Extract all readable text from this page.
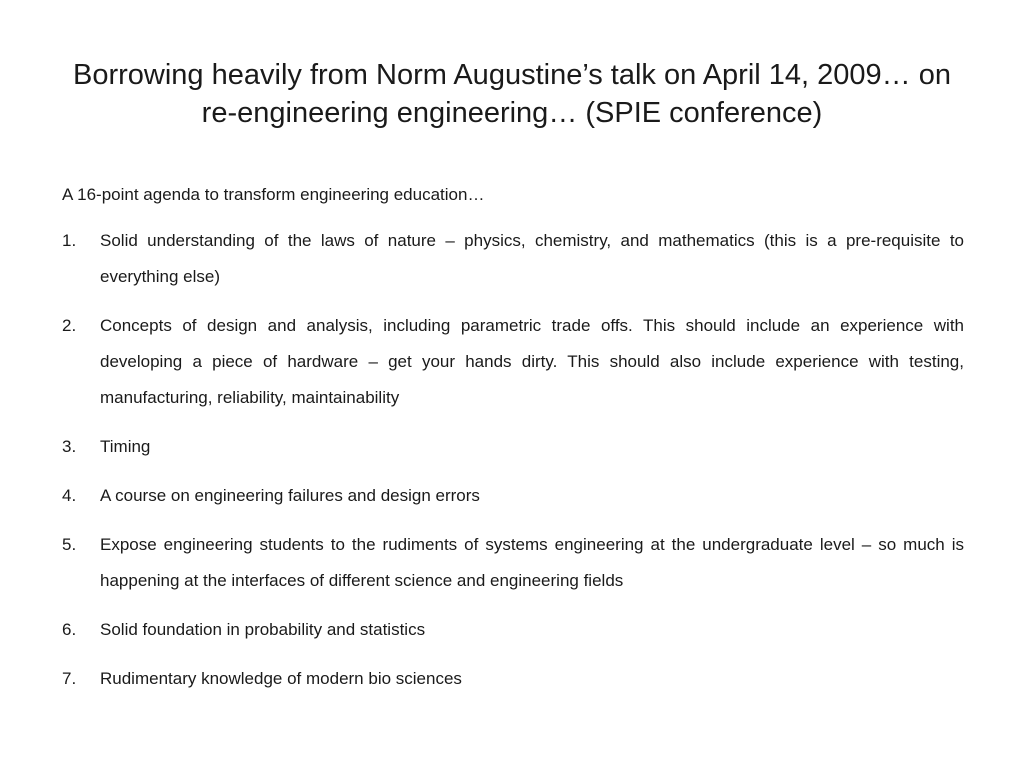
Borrowing heavily from Norm Augustine’s talk on April 14, 2009… on re-engineering engineering… (SPIE conference)

A 16-point agenda to transform engineering education…

1.	Solid understanding of the laws of nature – physics, chemistry, and mathematics (this is a pre-requisite to everything else)
2.	Concepts of design and analysis, including parametric trade offs. This should include an experience with developing a piece of hardware – get your hands dirty. This should also include experience with testing, manufacturing, reliability, maintainability
3.	Timing
4.	A course on engineering failures and design errors
5.	Expose engineering students to the rudiments of systems engineering at the undergraduate level – so much is happening at the interfaces of different science and engineering fields
6.	Solid foundation in probability and statistics
7.	Rudimentary knowledge of modern bio sciences
